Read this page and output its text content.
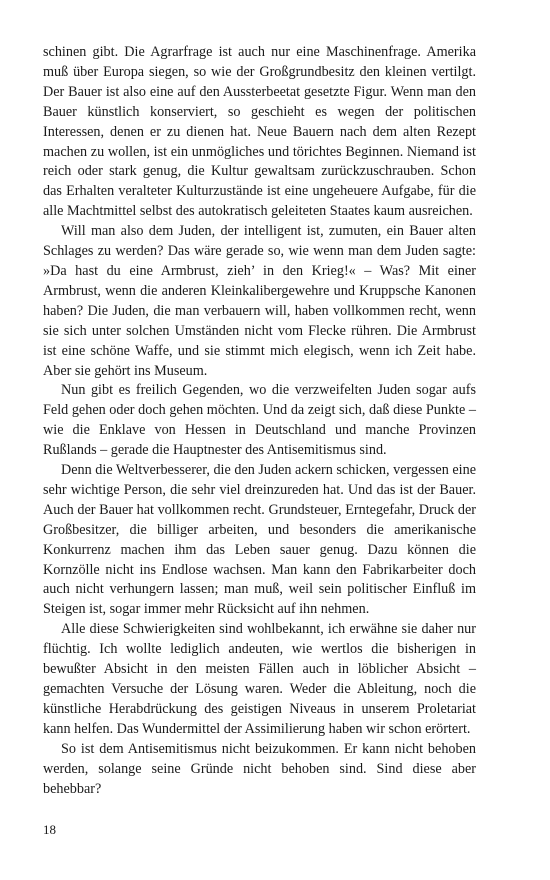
schinen gibt. Die Agrarfrage ist auch nur eine Maschinenfrage. Amerika muß über Europa siegen, so wie der Großgrundbesitz den kleinen vertilgt. Der Bauer ist also eine auf den Aussterbeetat gesetzte Figur. Wenn man den Bauer künstlich konserviert, so geschieht es wegen der politischen Interessen, denen er zu dienen hat. Neue Bauern nach dem alten Rezept machen zu wollen, ist ein unmögliches und törichtes Beginnen. Niemand ist reich oder stark genug, die Kultur gewaltsam zurückzuschrauben. Schon das Erhalten veralteter Kulturzustände ist eine ungeheuere Aufgabe, für die alle Machtmittel selbst des autokratisch geleiteten Staates kaum ausreichen.

Will man also dem Juden, der intelligent ist, zumuten, ein Bauer alten Schlages zu werden? Das wäre gerade so, wie wenn man dem Juden sagte: »Da hast du eine Armbrust, zieh’ in den Krieg!« – Was? Mit einer Armbrust, wenn die anderen Kleinkalibergewehre und Kruppsche Kanonen haben? Die Juden, die man verbauern will, haben vollkommen recht, wenn sie sich unter solchen Umständen nicht vom Flecke rühren. Die Armbrust ist eine schöne Waffe, und sie stimmt mich elegisch, wenn ich Zeit habe. Aber sie gehört ins Museum.

Nun gibt es freilich Gegenden, wo die verzweifelten Juden sogar aufs Feld gehen oder doch gehen möchten. Und da zeigt sich, daß diese Punkte – wie die Enklave von Hessen in Deutschland und manche Provinzen Rußlands – gerade die Hauptnester des Antisemitismus sind.

Denn die Weltverbesserer, die den Juden ackern schicken, vergessen eine sehr wichtige Person, die sehr viel dreinzureden hat. Und das ist der Bauer. Auch der Bauer hat vollkommen recht. Grundsteuer, Erntegefahr, Druck der Großbesitzer, die billiger arbeiten, und besonders die amerikanische Konkurrenz machen ihm das Leben sauer genug. Dazu können die Kornzölle nicht ins Endlose wachsen. Man kann den Fabrikarbeiter doch auch nicht verhungern lassen; man muß, weil sein politischer Einfluß im Steigen ist, sogar immer mehr Rücksicht auf ihn nehmen.

Alle diese Schwierigkeiten sind wohlbekannt, ich erwähne sie daher nur flüchtig. Ich wollte lediglich andeuten, wie wertlos die bisherigen in bewußter Absicht in den meisten Fällen auch in löblicher Absicht – gemachten Versuche der Lösung waren. Weder die Ableitung, noch die künstliche Herabdrückung des geistigen Niveaus in unserem Proletariat kann helfen. Das Wundermittel der Assimilierung haben wir schon erörtert.

So ist dem Antisemitismus nicht beizukommen. Er kann nicht behoben werden, solange seine Gründe nicht behoben sind. Sind diese aber behebbar?

18
